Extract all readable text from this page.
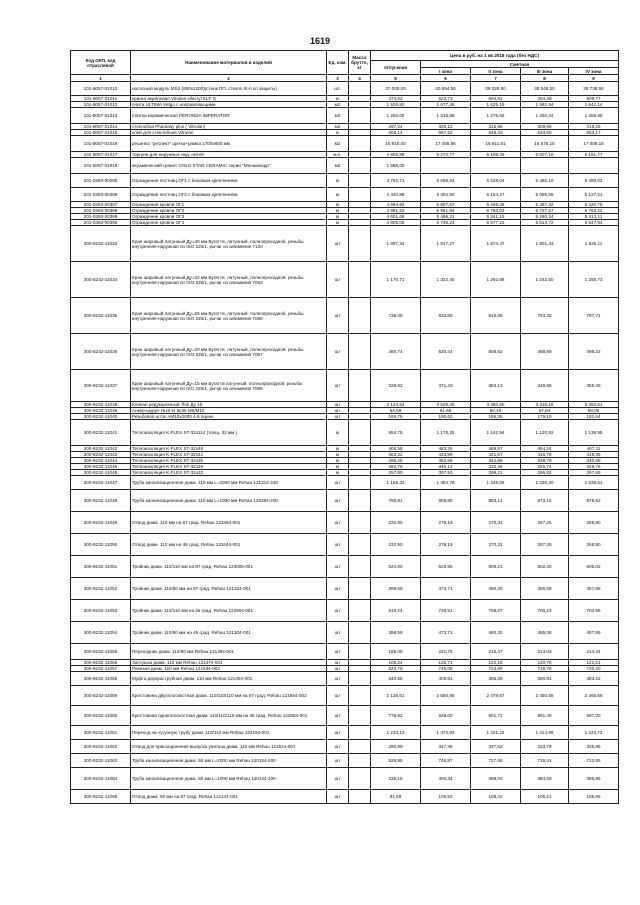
1619
Код ОКП, код отраслевой	Наименование материалов и изделий	Ед. изм.	Масса брутто, кг	Цена в руб. на 1 кв 2018 года (без НДС)				
				отпускная	Сметная			
					I зона	II зона	III зона	IV зона
1	2	3	4	5	6	7	8	9
101-8057-01010	насосный модуль MS2 (850x1200)(стенк.ПП, стекло III-II кл защиты)	шт.		37 000,00	40 594,55	39 329,80	38 549,20	39 739,84
101-8057-01011	краска акриловая Vinulan vilacryl ELF G	кг		474,62	522,73	504,81	494,49	509,77
101-8057-01012	плита ULTIMA Vetgo с направляющими	м2		1 528,82	1 677,45	1 625,19	1 592,94	1 642,14
101-8057-01013	плитка керамическая PERONDA IMPERATOR	м2		1 200,00	1 316,58	1 275,56	1 250,24	1 288,86
101-8057-01014	стеклобои Phantasy plus ( Vitrulan)	м2		297,24	326,12	315,96	309,68	319,25
101-8057-01015	клей для стеклобоев Vitrulan	кг		606,14	667,22	646,43	633,60	653,17
101-8057-01016	решетка "респект" щетка+рамка 1700х800 мм	м2		15 910,00	17 455,66	16 911,81	16 576,15	17 088,18
101-8057-01017	торгуин для наружных инд. нитей	м.п.		4 805,88	5 272,77	5 108,49	5 007,10	5 161,77
101-8057-01018	керамический гранит GOLD STAR CERAMIC серии "Меншикорр"	м2		1 688,00				
201-0393-00285	Ограждение лестниц ОГ1 с боковым креплением	м		4 762,71	5 688,64	5 528,04	5 465,10	5 499,02
201-0393-00286	Ограждение лестниц ОГ2 с боковым креплением	м		4 440,88	5 304,60	5 154,27	5 095,58	5 127,21
201-0393-00387	Ограждение кровли ОГ1	м		4 694,92	5 607,67	5 449,36	5 387,32	5 420,75
201-0393-00388	Ограждение кровли ОГ2	м		4 991,53	5 961,94	5 793,63	5 727,67	5 763,22
201-0393-00389	Ограждение кровли ОГ3	м		4 601,69	5 496,31	5 341,15	5 280,34	5 313,11
201-0393-00390	Ограждение кровли ОГ4	м		4 805,08	5 739,24	5 577,22	5 513,72	5 547,94
300-8232-11033	Кран шаровый латунный Ду=40 мм Бугатти, латунный, полнопроходной, резьбы внутренняя-наружная по ISO 228/1, рычаг из алюминия 7120	шт		1 697,34	1 917,27	1 874,47	1 801,43	1 835,11
300-8232-11034	Кран шаровый латунный Ду=32 мм Бугатти, латунный, полнопроходной, резьбы внутренняя-наружная по ISO 228/1, рычаг из алюминия 7063	шт		1 170,71	1 322,40	1 292,88	1 242,50	1 265,73
300-8232-11035	Кран шаровый латунный Ду=25 мм Бугатти, латунный, полнопроходной, резьбы внутренняя-наружная по ISO 228/1, рычаг из алюминия 7086	шт		738,06	833,69	815,08	783,32	797,71
300-8232-11036	Кран шаровый латунный Ду=20 мм Бугатти, латунный, полнопроходной, резьбы внутренняя-наружная по ISO 228/1, рычаг из алюминия 7087	шт		460,74	520,44	508,82	488,99	498,22
300-8232-11037	Кран шаровый латунный Ду=15 мм Бугатти латунный, полнопроходной, резьбы внутренняя-наружная по ISO 228/1, рычаг из алюминия 7086	шт		328,82	371,43	363,13	348,98	355,28
300-8232-11038	Клапан редукционный 7bis Ду 15	шт		3 124,54	3 529,40	3 450,60	3 316,15	3 383,51
300-8232-11039	Анкер-шуруп HUS-H 6x35 М8/М10	шт		54,59	61,66	60,19	57,84	59,06
300-8232-11040	Резьбовой шток AM10x2000 4.8 оцинк.	шт		168,75	190,62	186,35	179,10	182,54
300-8232-11041	Теплоизоляция K-FLEX ST-32x114 (толщ. 32 мм )	м		954,75	1 178,25	1 142,94	1 120,92	1 138,95
300-8232-11042	Теплоизоляция K-FLEX ST-32x48	м		405,58	483,26	469,57	464,24	467,11
300-8232-11043	Теплоизоляция K-FLEX ST-32x42	м		363,22	433,89	421,57	416,78	419,36
300-8232-11044	Теплоизоляция K-FLEX ST-32x35	м		296,25	352,66	342,68	338,79	340,88
300-8232-11045	Теплоизоляция K-FLEX ST-32x28	м		284,75	340,12	330,49	326,74	328,76
300-8232-11046	Теплоизоляция K-FLEX ST-32x22	м		257,80	307,93	299,21	295,82	297,65
300-8232-11047	Труба канализационная диам. 110 мм L=2000 мм Rehau 121314-220	шт		1 159,33	1 384,78	1 345,56	1 330,30	1 338,51
300-8232-11048	Труба канализационная диам. 110 мм L=1000 мм Rehau 120294-200	шт		760,91	908,88	883,14	873,12	878,52
300-8232-11049	Отвод диам. 110 мм на 87 град. Rehau 123464-001	шт		232,90	278,19	270,31	267,25	268,90
300-8232-11050	Отвод диам. 110 мм на 45 град. Rehau 123444-001	шт		232,90	278,19	270,31	267,25	268,90
300-8232-11051	Тройник диам. 110/110 мм на 87 град. Rehau 123005-001	шт		524,80	626,95	609,21	602,30	606,02
300-8232-11052	Тройник диам. 110/50 мм на 87 град. Rehau 121324-001	шт		396,59	473,71	460,30	455,08	457,89
300-8232-11053	Тройник диам. 110/110 мм на 45 град. Rehau 122904-001	шт		610,24	728,91	708,27	700,23	704,56
300-8232-11054	Тройник диам. 110/50 мм на 45 град. Rehau 121304-001	шт		396,59	473,71	460,30	455,08	457,89
300-8232-11055	Переходник диам. 110/50 мм Rehau 121394-001	шт		185,05	221,75	215,47	213,03	214,34
300-8232-11056	Заглушка диам. 110 мм Rehau 121474-001	шт		105,24	125,71	122,15	120,76	121,51
300-8232-11057	Ревизия диам. 110 мм Rehau 121534-002	шт		623,79	745,09	723,99	715,78	720,20
300-8232-11058	Муфта двухраструбная диам. 110 мм Rehau 121494-001	шт		340,56	406,81	395,29	390,81	393,22
300-8232-11059	Крестовина двухплоскостная диам. 110/110/110 мм на 87 град. Rehau 121564-002	шт		2 135,61	2 550,86	2 478,67	2 450,55	2 465,69
300-8232-11060	Крестовина одноплоскостная диам. 110/110/110 мм на 45 град. Rehau 122864-001	шт		776,92	928,00	901,72	891,49	897,00
300-8232-11061	Переход на чугунную трубу диам. 110/110 мм Rehau 123194-001	шт		1 233,13	1 472,93	1 431,22	1 414,98	1 423,72
300-8232-11062	Отвод для присоединения выпуска унитаза диам. 110 мм Rehau 121624-001	шт		290,89	347,46	337,62	333,79	335,85
300-8232-11063	Труба канализационная диам. 50 мм L=2000 мм Rehau 120154-200	шт		626,95	746,87	727,66	719,41	723,85
300-8232-11064	Труба канализационная диам. 50 мм L=1000 мм Rehau 120134-200	шт		335,16	400,34	389,00	384,59	386,96
300-8232-11065	Отвод диам. 50 мм на 87 град. Rehau 121134-001	шт		91,69	109,52	106,42	105,21	105,86
